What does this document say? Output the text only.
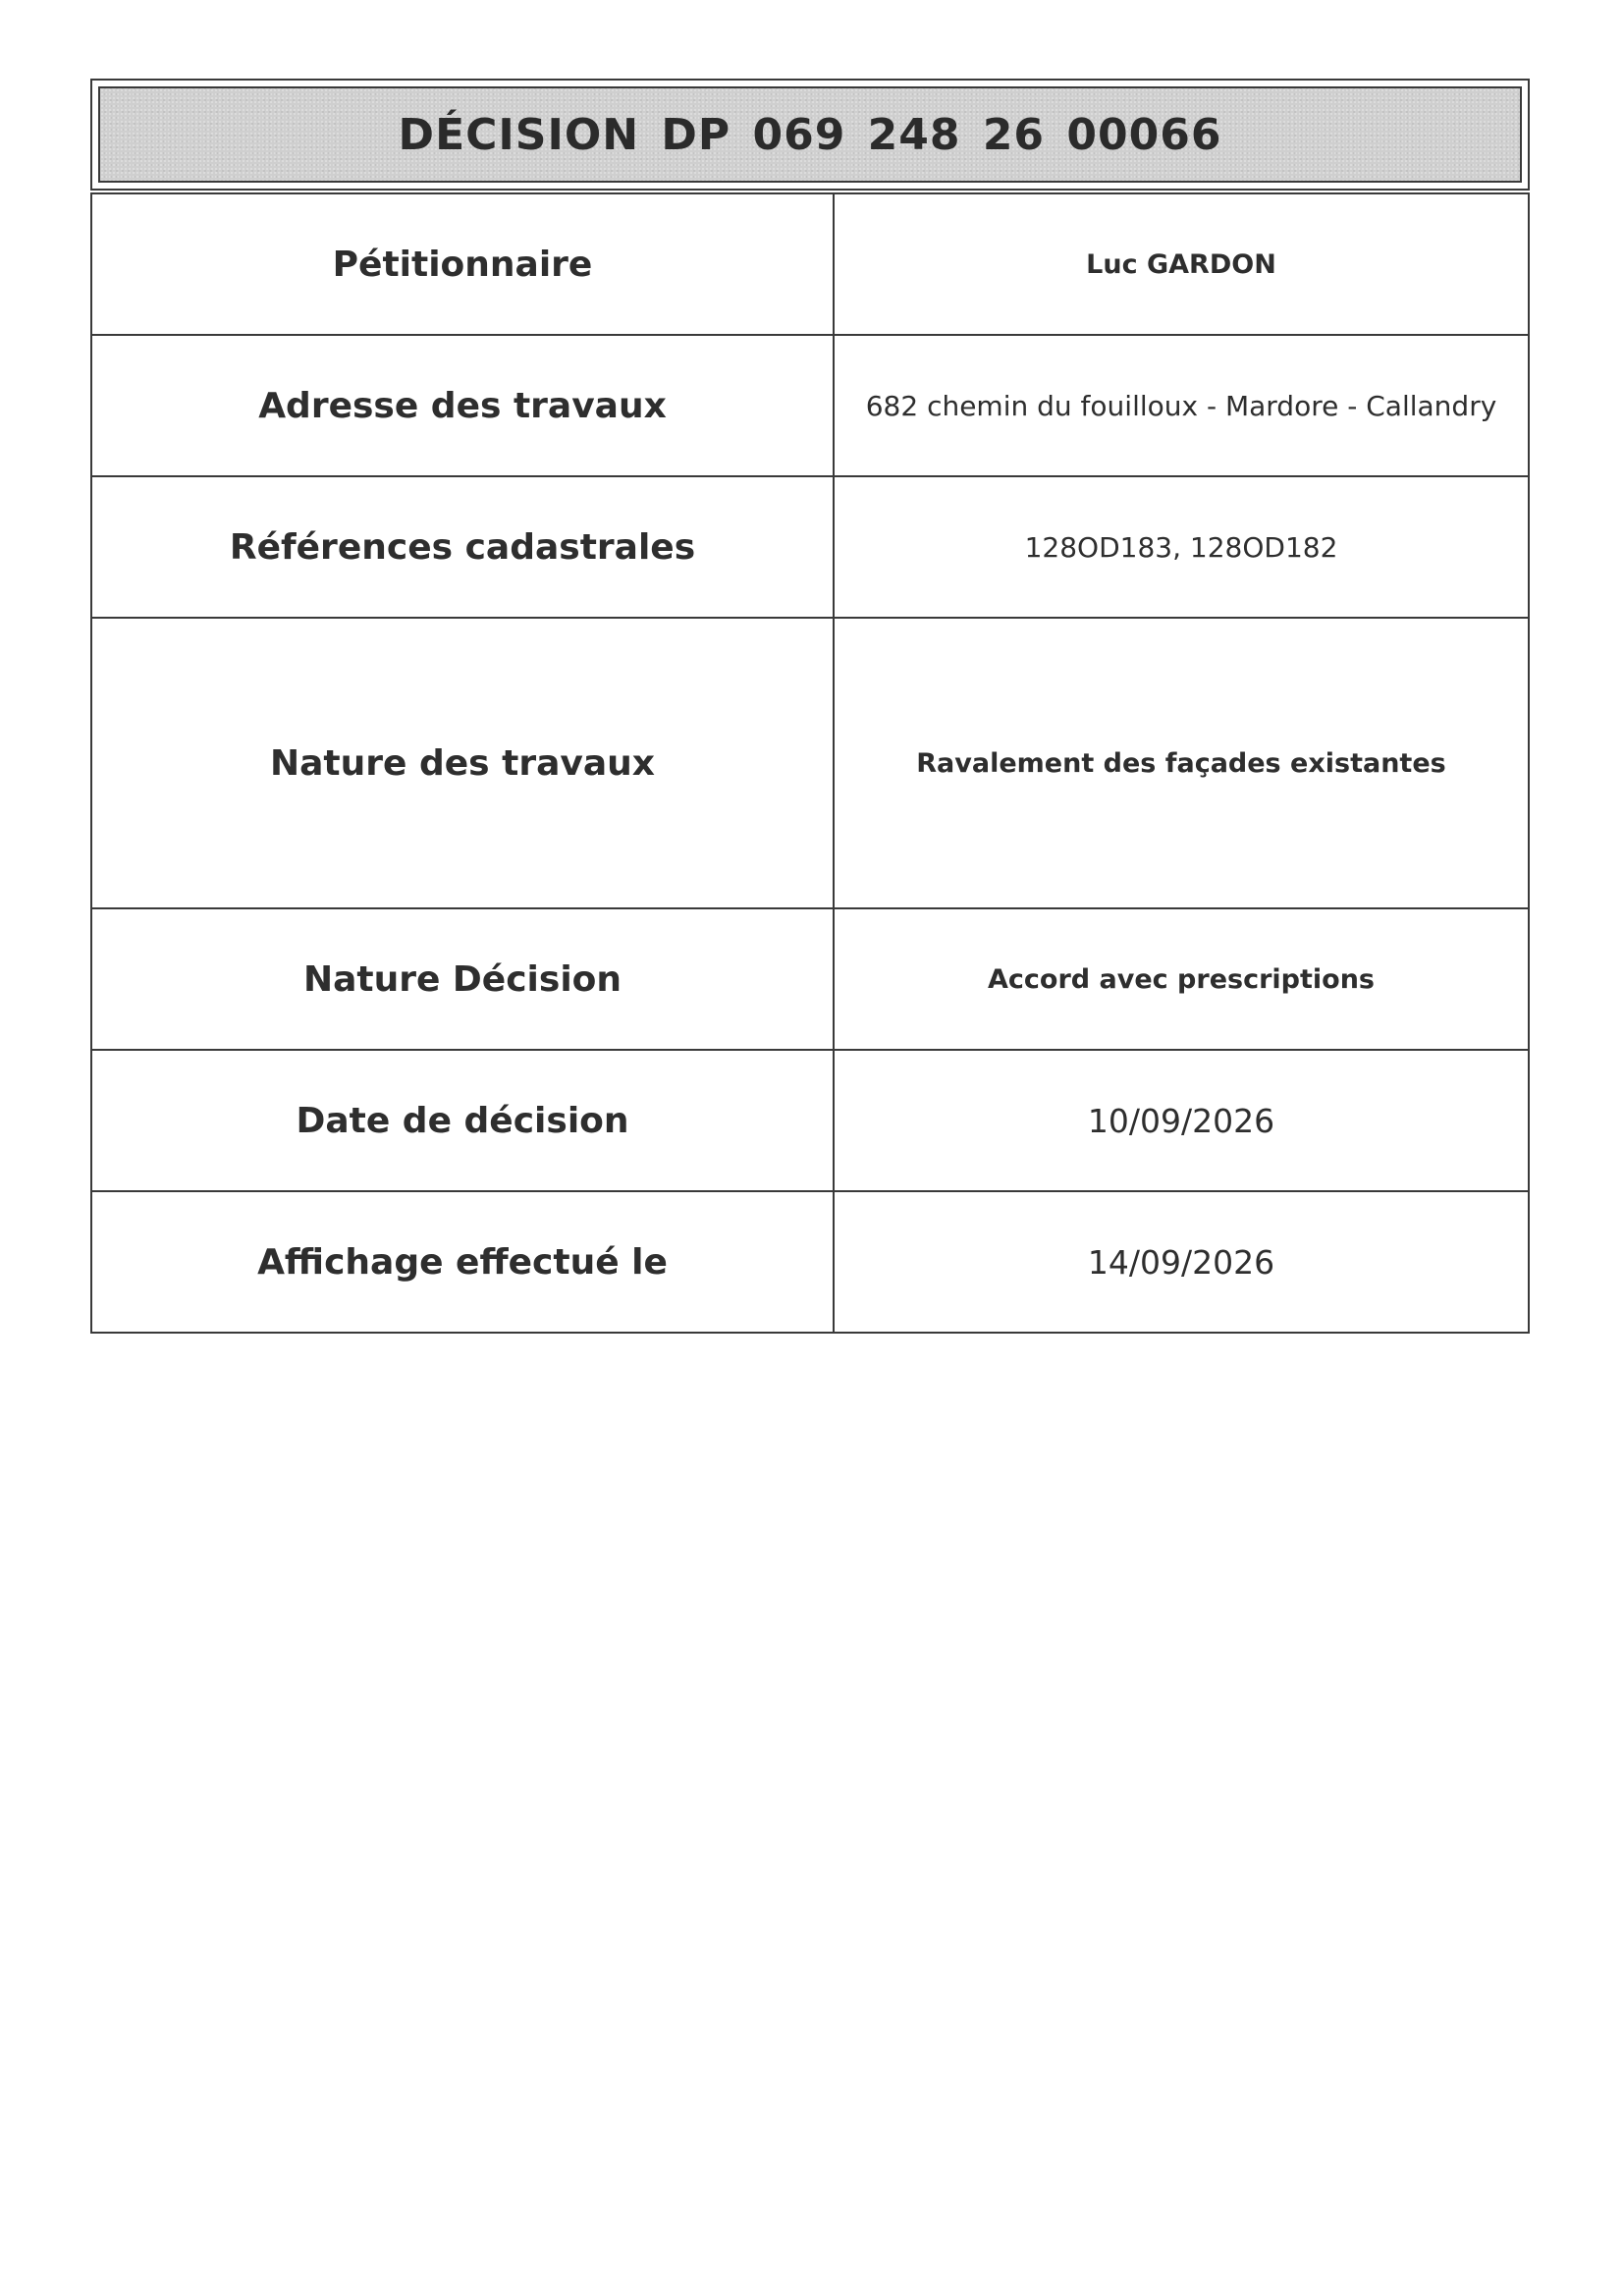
DÉCISION DP 069 248 26 00066
Pétitionnaire	Luc GARDON
Adresse des travaux	682 chemin du fouilloux - Mardore - Callandry
Références cadastrales	128OD183, 128OD182
Nature des travaux	Ravalement des façades existantes
Nature Décision	Accord avec prescriptions
Date de décision	10/09/2026
Affichage effectué le	14/09/2026
